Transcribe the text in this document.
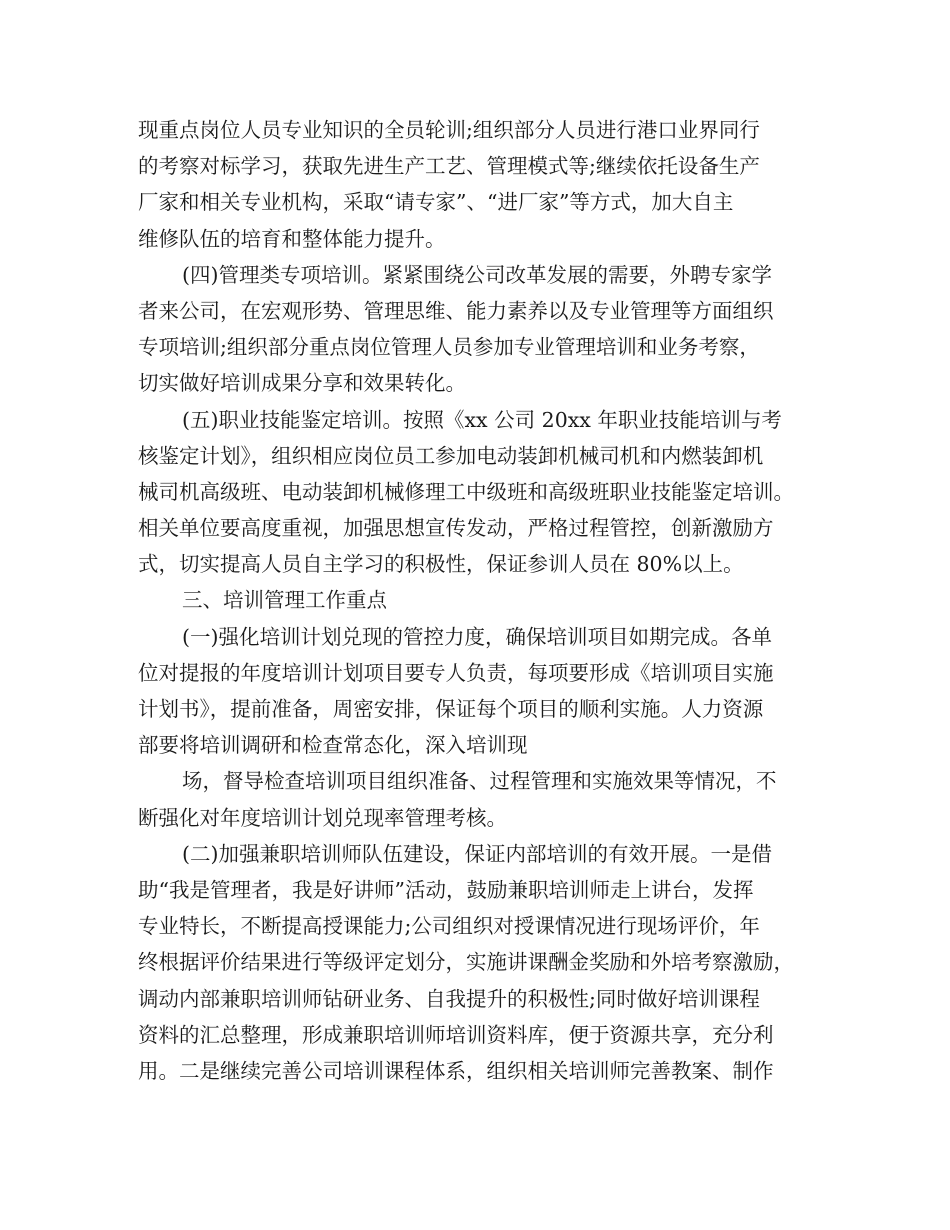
现重点岗位人员专业知识的全员轮训;组织部分人员进行港口业界同行
的考察对标学习，获取先进生产工艺、管理模式等;继续依托设备生产
厂家和相关专业机构，采取“请专家”、“进厂家”等方式，加大自主
维修队伍的培育和整体能力提升。
(四)管理类专项培训。紧紧围绕公司改革发展的需要，外聘专家学
者来公司，在宏观形势、管理思维、能力素养以及专业管理等方面组织
专项培训;组织部分重点岗位管理人员参加专业管理培训和业务考察，
切实做好培训成果分享和效果转化。
(五)职业技能鉴定培训。按照《xx 公司 20xx 年职业技能培训与考
核鉴定计划》，组织相应岗位员工参加电动装卸机械司机和内燃装卸机
械司机高级班、电动装卸机械修理工中级班和高级班职业技能鉴定培训。
相关单位要高度重视，加强思想宣传发动，严格过程管控，创新激励方
式，切实提高人员自主学习的积极性，保证参训人员在 80%以上。
三、培训管理工作重点
(一)强化培训计划兑现的管控力度，确保培训项目如期完成。各单
位对提报的年度培训计划项目要专人负责，每项要形成《培训项目实施
计划书》，提前准备，周密安排，保证每个项目的顺利实施。人力资源
部要将培训调研和检查常态化，深入培训现
场，督导检查培训项目组织准备、过程管理和实施效果等情况，不
断强化对年度培训计划兑现率管理考核。
(二)加强兼职培训师队伍建设，保证内部培训的有效开展。一是借
助“我是管理者，我是好讲师”活动，鼓励兼职培训师走上讲台，发挥
专业特长，不断提高授课能力;公司组织对授课情况进行现场评价，年
终根据评价结果进行等级评定划分，实施讲课酬金奖励和外培考察激励，
调动内部兼职培训师钻研业务、自我提升的积极性;同时做好培训课程
资料的汇总整理，形成兼职培训师培训资料库，便于资源共享，充分利
用。二是继续完善公司培训课程体系，组织相关培训师完善教案、制作
